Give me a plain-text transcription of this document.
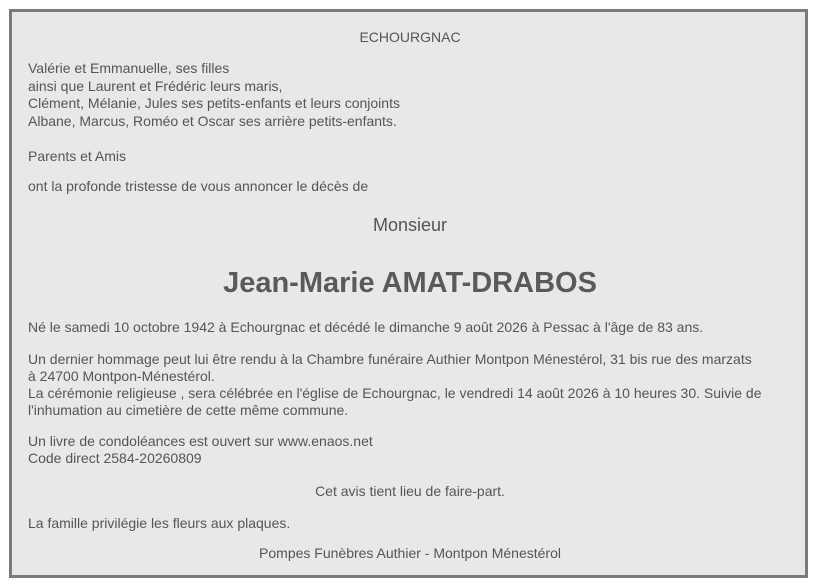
ECHOURGNAC
Valérie et Emmanuelle, ses filles
ainsi que Laurent et Frédéric leurs maris,
Clément, Mélanie, Jules ses petits-enfants et leurs conjoints
Albane, Marcus, Roméo et Oscar ses arrière petits-enfants.
Parents et Amis
ont la profonde tristesse de vous annoncer le décès de
Monsieur
Jean-Marie AMAT-DRABOS
Né le samedi 10 octobre 1942 à Echourgnac et décédé le dimanche 9 août 2026 à Pessac à l'âge de 83 ans.
Un dernier hommage peut lui être rendu à la Chambre funéraire Authier Montpon Ménestérol, 31 bis rue des marzats
à 24700 Montpon-Ménestérol.
La cérémonie religieuse , sera célébrée en l'église de Echourgnac, le vendredi 14 août 2026 à 10 heures 30. Suivie de
l'inhumation au cimetière de cette même commune.
Un livre de condoléances est ouvert sur www.enaos.net
Code direct 2584-20260809
Cet avis tient lieu de faire-part.
La famille privilégie les fleurs aux plaques.
Pompes Funèbres Authier - Montpon Ménestérol
